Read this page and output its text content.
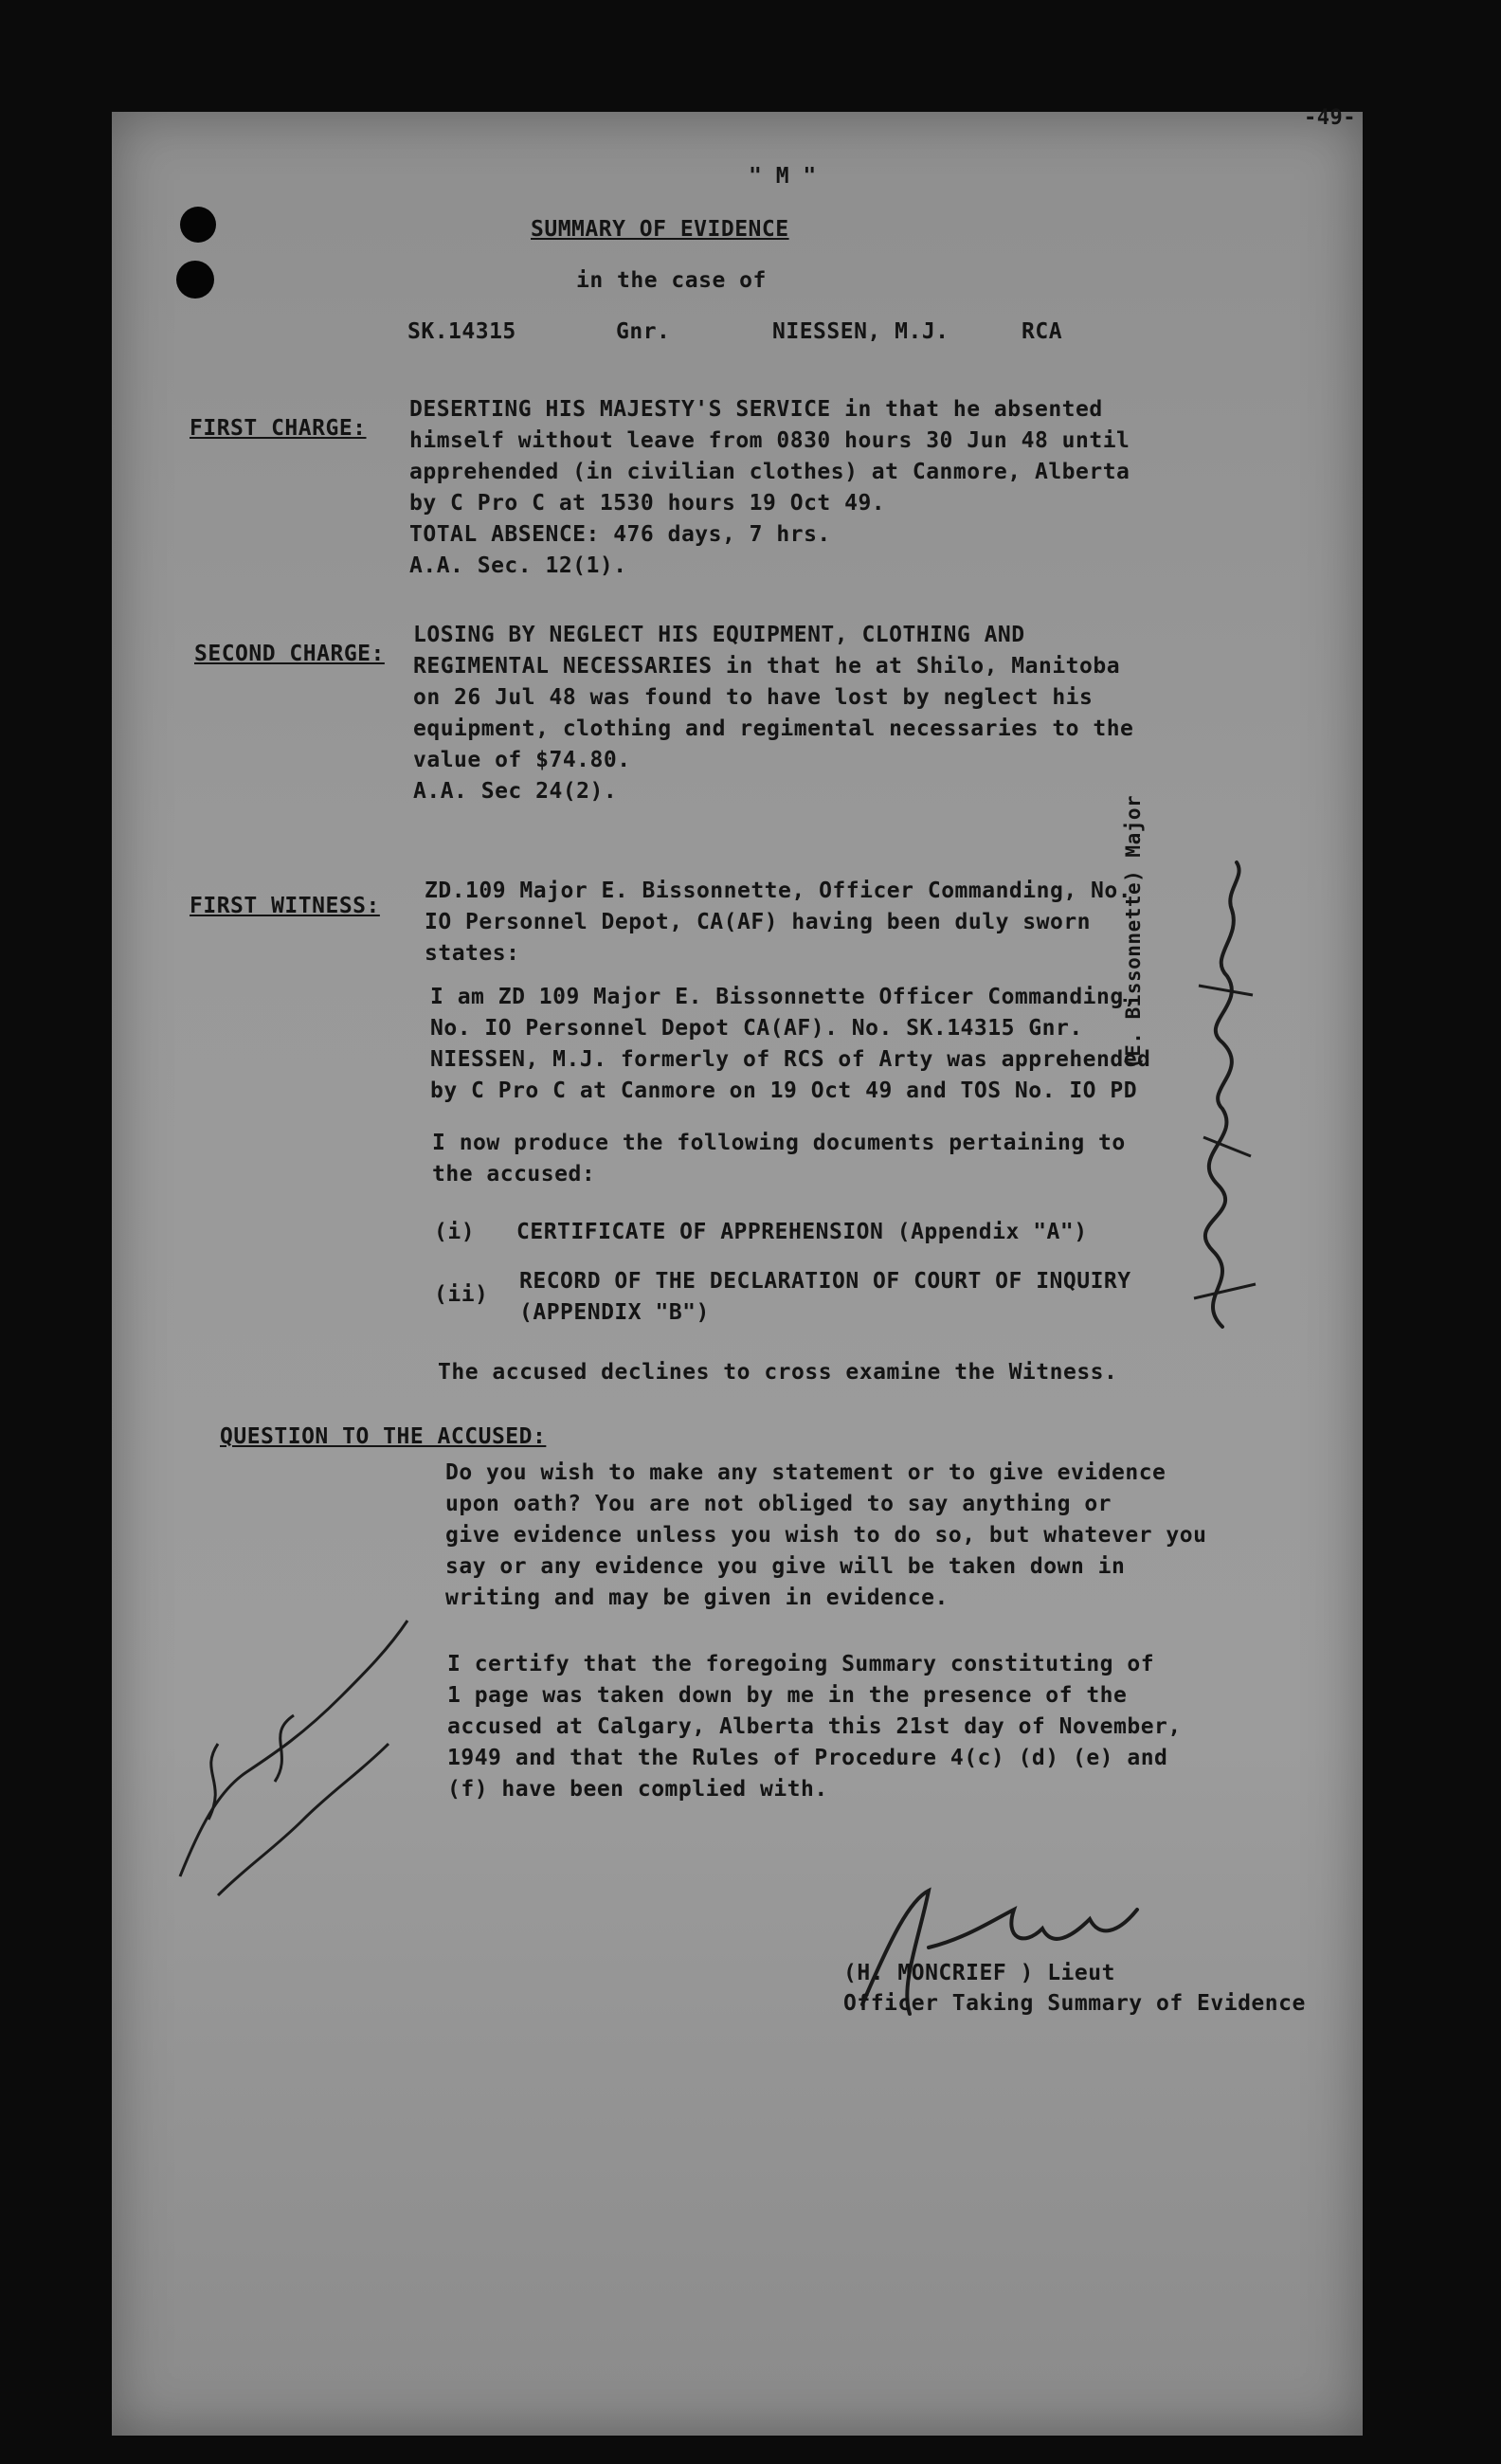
-49-
" M "
SUMMARY OF EVIDENCE
in the case of
SK.14315	Gnr.	NIESSEN, M.J.	RCA
FIRST CHARGE:
DESERTING HIS MAJESTY'S SERVICE in that he absented
himself without leave from 0830 hours 30 Jun 48 until
apprehended (in civilian clothes) at Canmore, Alberta
by C Pro C at 1530 hours 19 Oct 49.
TOTAL ABSENCE: 476 days, 7 hrs.
A.A. Sec. 12(1).
SECOND CHARGE:
LOSING BY NEGLECT HIS EQUIPMENT, CLOTHING AND
REGIMENTAL NECESSARIES in that he at Shilo, Manitoba
on 26 Jul 48 was found to have lost by neglect his
equipment, clothing and regimental necessaries to the
value of $74.80.
A.A. Sec 24(2).
FIRST WITNESS:
ZD.109 Major E. Bissonnette, Officer Commanding, No.
IO Personnel Depot, CA(AF) having been duly sworn
states:
I am ZD 109 Major E. Bissonnette Officer Commanding,
No. IO Personnel Depot CA(AF). No. SK.14315 Gnr.
NIESSEN, M.J. formerly of RCS of Arty was apprehended
by C Pro C at Canmore on 19 Oct 49 and TOS No. IO PD
I now produce the following documents pertaining to
the accused:
(i) CERTIFICATE OF APPREHENSION (Appendix "A")
(ii)
RECORD OF THE DECLARATION OF COURT OF INQUIRY
(APPENDIX "B")
The accused declines to cross examine the Witness.
(E. Bissonnette) Major
QUESTION TO THE ACCUSED:
Do you wish to make any statement or to give evidence
upon oath? You are not obliged to say anything or
give evidence unless you wish to do so, but whatever you
say or any evidence you give will be taken down in
writing and may be given in evidence.
I certify that the foregoing Summary constituting of
1 page was taken down by me in the presence of the
accused at Calgary, Alberta this 21st day of November,
1949 and that the Rules of Procedure 4(c) (d) (e) and
(f) have been complied with.
(H. MONCRIEF ) Lieut
Officer Taking Summary of Evidence
